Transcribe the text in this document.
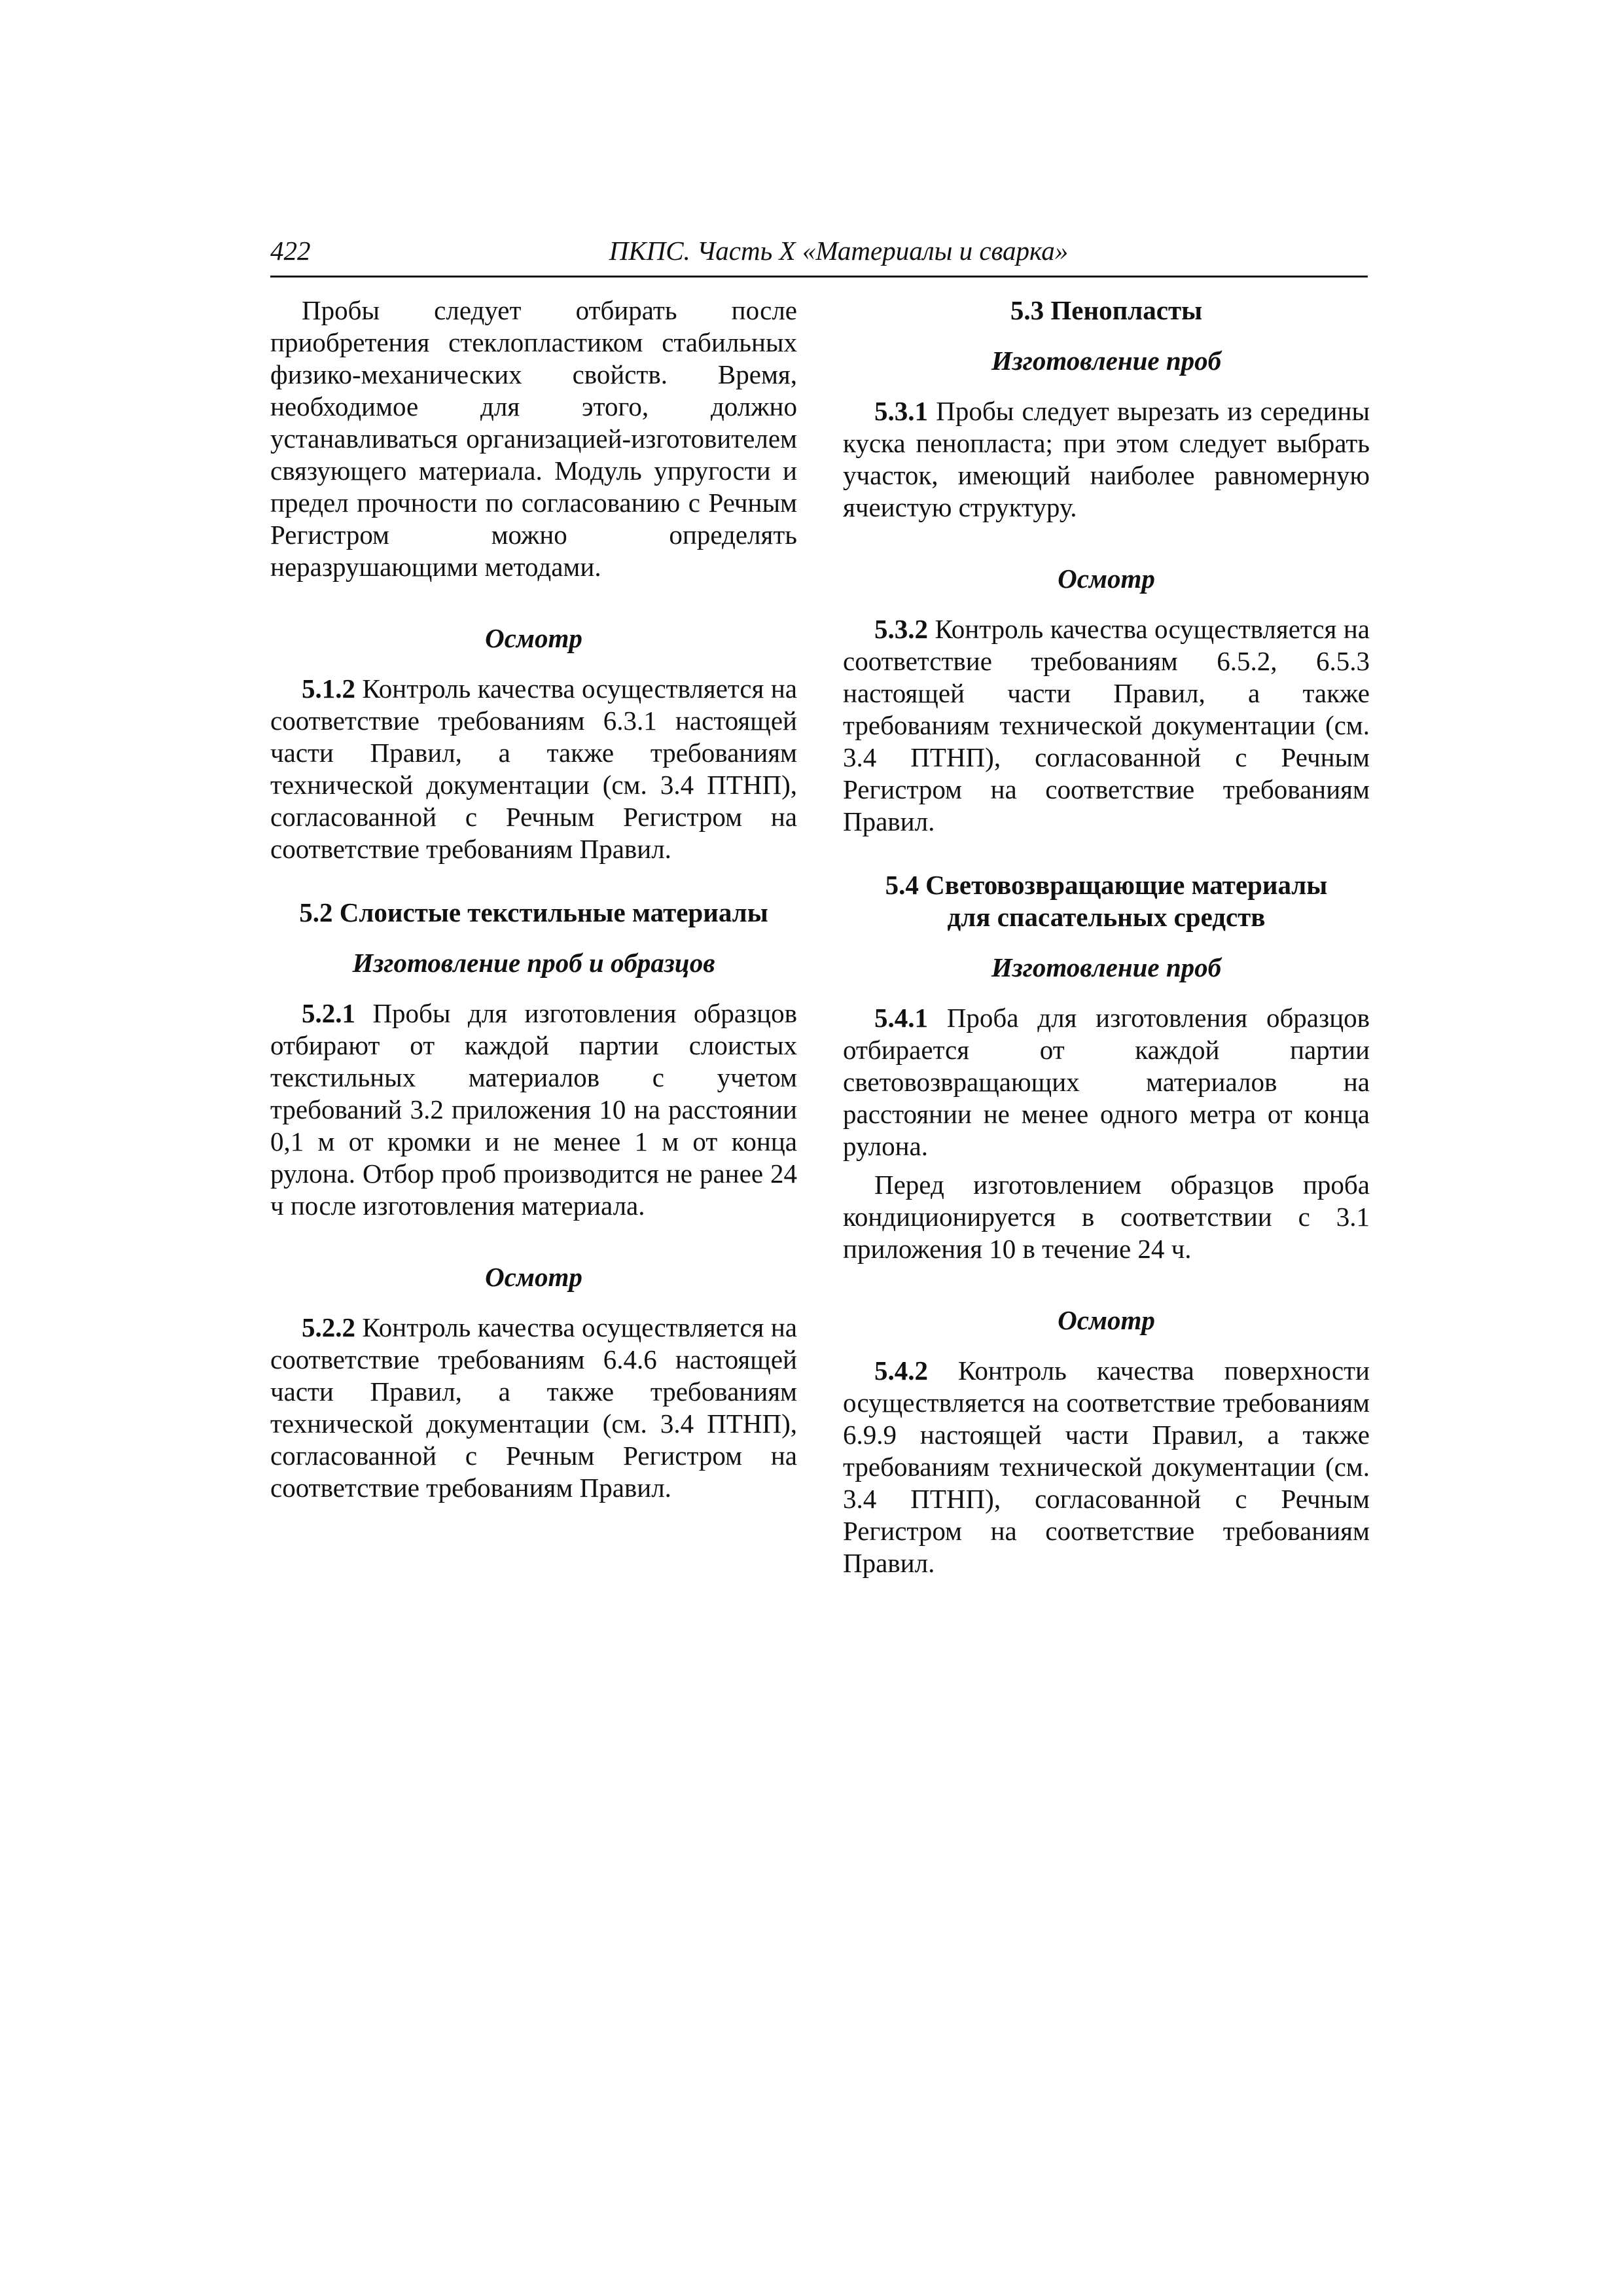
422	ПКПС. Часть X «Материалы и сварка»

Пробы следует отбирать после приобретения стеклопластиком стабильных физико-механических свойств. Время, необходимое для этого, должно устанавливаться организацией-изготовителем связующего материала. Модуль упругости и предел прочности по согласованию с Речным Регистром можно определять неразрушающими методами.

Осмотр

5.1.2 Контроль качества осуществляется на соответствие требованиям 6.3.1 настоящей части Правил, а также требованиям технической документации (см. 3.4 ПТНП), согласованной с Речным Регистром на соответствие требованиям Правил.

5.2 Слоистые текстильные материалы
Изготовление проб и образцов

5.2.1 Пробы для изготовления образцов отбирают от каждой партии слоистых текстильных материалов с учетом требований 3.2 приложения 10 на расстоянии 0,1 м от кромки и не менее 1 м от конца рулона. Отбор проб производится не ранее 24 ч после изготовления материала.

Осмотр

5.2.2 Контроль качества осуществляется на соответствие требованиям 6.4.6 настоящей части Правил, а также требованиям технической документации (см. 3.4 ПТНП), согласованной с Речным Регистром на соответствие требованиям Правил.

5.3 Пенопласты
Изготовление проб

5.3.1 Пробы следует вырезать из середины куска пенопласта; при этом следует выбрать участок, имеющий наиболее равномерную ячеистую структуру.

Осмотр

5.3.2 Контроль качества осуществляется на соответствие требованиям 6.5.2, 6.5.3 настоящей части Правил, а также требованиям технической документации (см. 3.4 ПТНП), согласованной с Речным Регистром на соответствие требованиям Правил.

5.4 Световозвращающие материалы
для спасательных средств
Изготовление проб

5.4.1 Проба для изготовления образцов отбирается от каждой партии световозвращающих материалов на расстоянии не менее одного метра от конца рулона.

Перед изготовлением образцов проба кондиционируется в соответствии с 3.1 приложения 10 в течение 24 ч.

Осмотр

5.4.2 Контроль качества поверхности осуществляется на соответствие требованиям 6.9.9 настоящей части Правил, а также требованиям технической документации (см. 3.4 ПТНП), согласованной с Речным Регистром на соответствие требованиям Правил.
